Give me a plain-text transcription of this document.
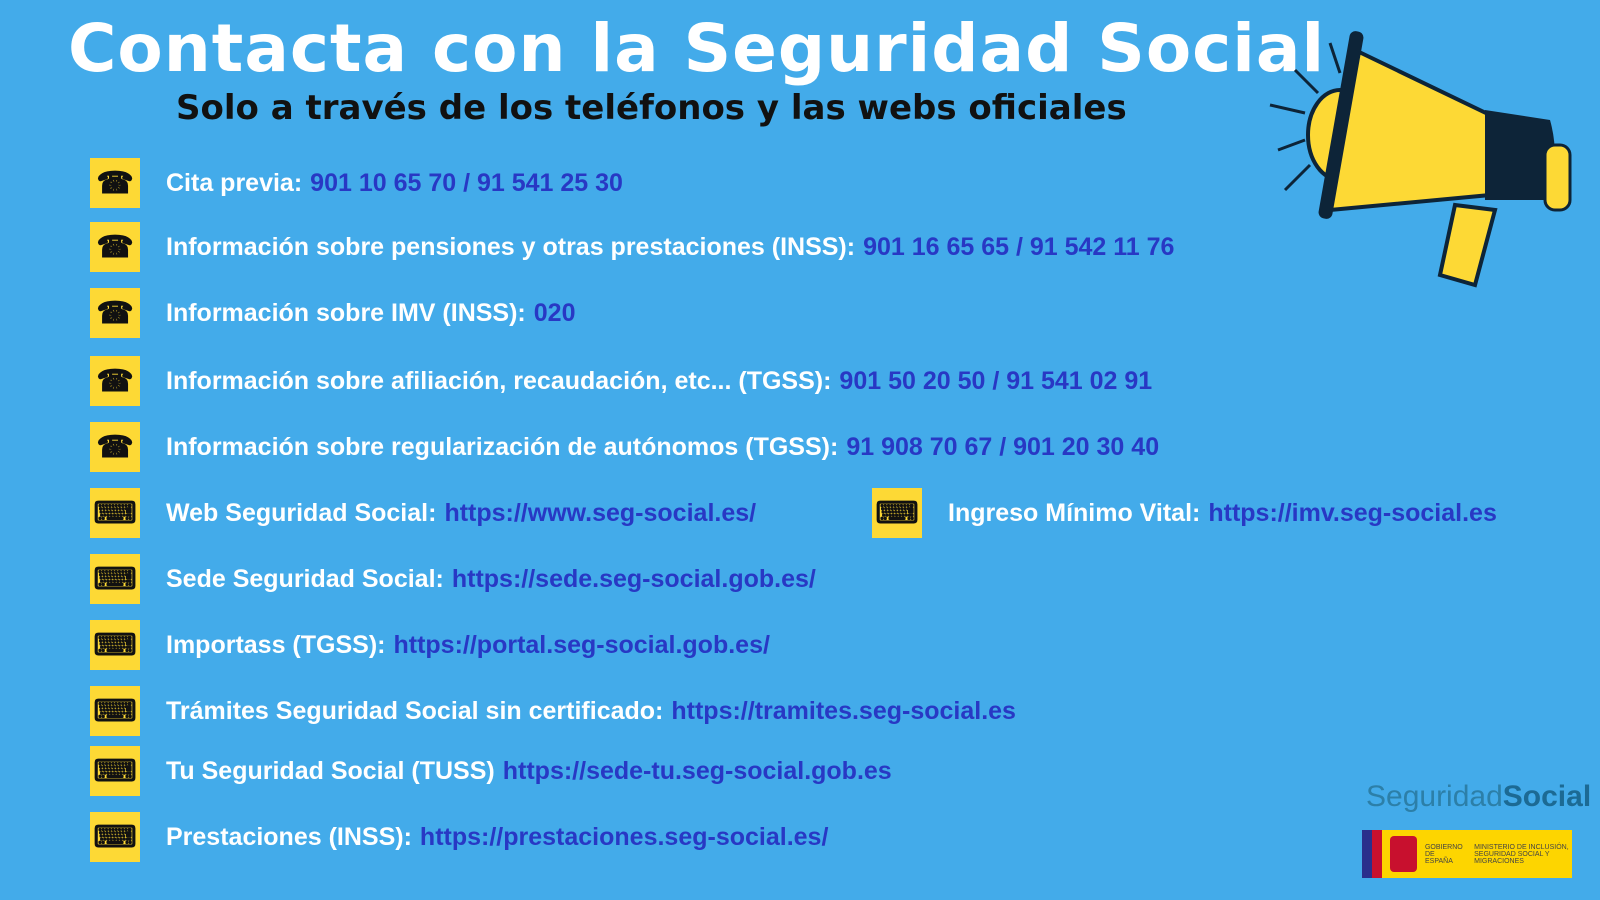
Contacta con la Seguridad Social
Solo a través de los teléfonos y las webs oficiales
☎ Cita previa: 901 10 65 70 / 91 541 25 30
☎ Información sobre pensiones y otras prestaciones (INSS): 901 16 65 65 / 91 542 11 76
☎ Información sobre IMV (INSS): 020
☎ Información sobre afiliación, recaudación, etc... (TGSS): 901 50 20 50 / 91 541 02 91
☎ Información sobre regularización de autónomos (TGSS): 91 908 70 67 / 901 20 30 40
⌨ Web Seguridad Social: https://www.seg-social.es/
⌨ Sede Seguridad Social: https://sede.seg-social.gob.es/
⌨ Importass (TGSS): https://portal.seg-social.gob.es/
⌨ Trámites Seguridad Social sin certificado: https://tramites.seg-social.es
⌨ Tu Seguridad Social (TUSS) https://sede-tu.seg-social.gob.es
⌨ Prestaciones (INSS): https://prestaciones.seg-social.es/
⌨ Ingreso Mínimo Vital: https://imv.seg-social.es
SeguridadSocial
GOBIERNO DE ESPAÑA
MINISTERIO DE INCLUSIÓN, SEGURIDAD SOCIAL Y MIGRACIONES
